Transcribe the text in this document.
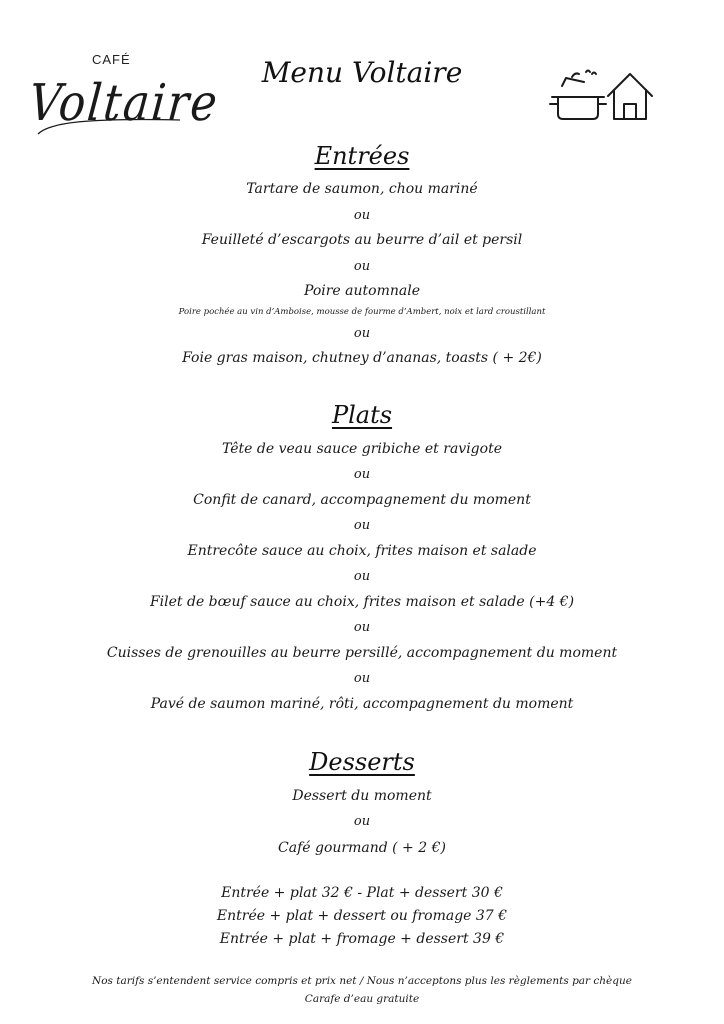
CAFÉ
Voltaire
Menu Voltaire
Entrées
Tartare de saumon, chou mariné
ou
Feuilleté d’escargots au beurre d’ail et persil
ou
Poire automnale
Poire pochée au vin d’Amboise, mousse de fourme d’Ambert, noix et lard croustillant
ou
Foie gras maison, chutney d’ananas, toasts ( + 2€)
Plats
Tête de veau sauce gribiche et ravigote
ou
Confit de canard, accompagnement du moment
ou
Entrecôte sauce au choix, frites maison et salade
ou
Filet de bœuf sauce au choix, frites maison et salade (+4 €)
ou
Cuisses de grenouilles au beurre persillé, accompagnement du moment
ou
Pavé de saumon mariné, rôti, accompagnement du moment
Desserts
Dessert du moment
ou
Café gourmand ( + 2 €)
Entrée + plat 32 € - Plat + dessert 30 €
Entrée + plat + dessert ou fromage 37 €
Entrée + plat + fromage + dessert 39 €
Nos tarifs s’entendent service compris et prix net / Nous n’acceptons plus les règlements par chèque
Carafe d’eau gratuite
